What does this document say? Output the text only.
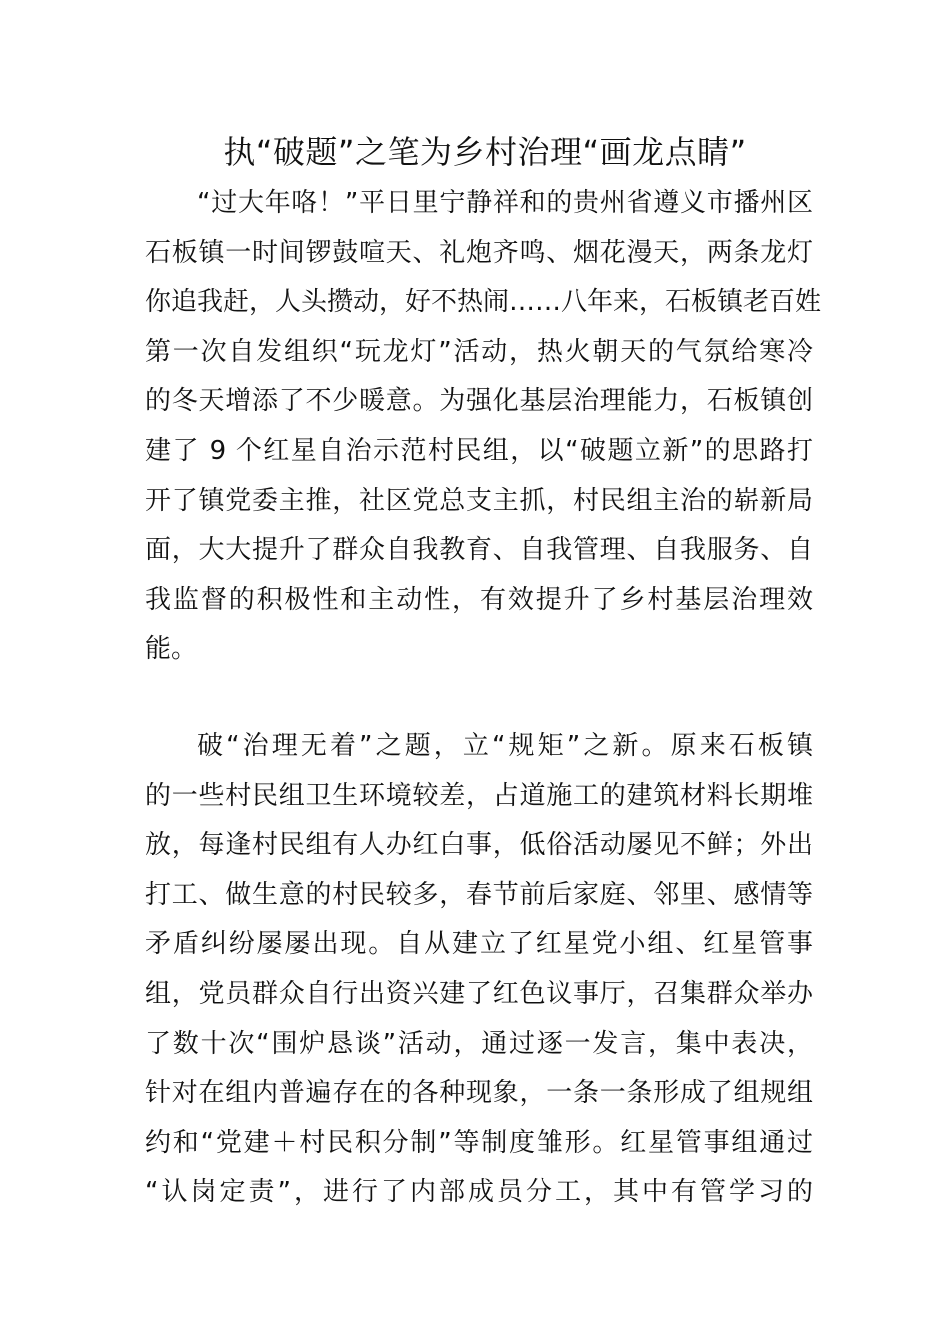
执“破题”之笔为乡村治理“画龙点睛”
“过大年咯！”平日里宁静祥和的贵州省遵义市播州区
石板镇一时间锣鼓喧天、礼炮齐鸣、烟花漫天，两条龙灯
你追我赶，人头攒动，好不热闹……八年来，石板镇老百姓
第一次自发组织“玩龙灯”活动，热火朝天的气氛给寒冷
的冬天增添了不少暖意。为强化基层治理能力，石板镇创
建了 9 个红星自治示范村民组，以“破题立新”的思路打
开了镇党委主推，社区党总支主抓，村民组主治的崭新局
面，大大提升了群众自我教育、自我管理、自我服务、自
我监督的积极性和主动性，有效提升了乡村基层治理效
能。
破“治理无着”之题，立“规矩”之新。原来石板镇
的一些村民组卫生环境较差，占道施工的建筑材料长期堆
放，每逢村民组有人办红白事，低俗活动屡见不鲜；外出
打工、做生意的村民较多，春节前后家庭、邻里、感情等
矛盾纠纷屡屡出现。自从建立了红星党小组、红星管事
组，党员群众自行出资兴建了红色议事厅，召集群众举办
了数十次“围炉恳谈”活动，通过逐一发言，集中表决，
针对在组内普遍存在的各种现象，一条一条形成了组规组
约和“党建＋村民积分制”等制度雏形。红星管事组通过
“认岗定责”，进行了内部成员分工，其中有管学习的
